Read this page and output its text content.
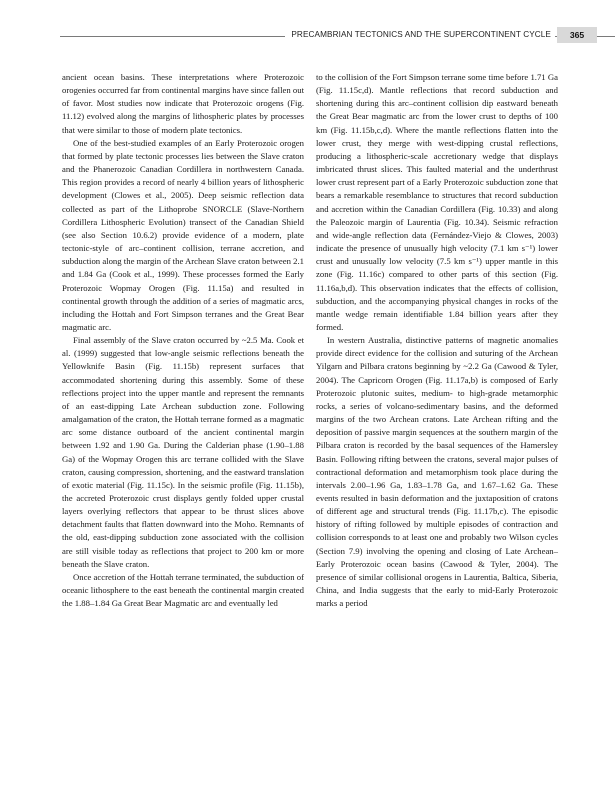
PRECAMBRIAN TECTONICS AND THE SUPERCONTINENT CYCLE	365

ancient ocean basins. These interpretations where Proterozoic orogenies occurred far from continental margins have since fallen out of favor. Most studies now indicate that Proterozoic orogens (Fig. 11.12) evolved along the margins of lithospheric plates by processes that were similar to those of modern plate tectonics.

One of the best-studied examples of an Early Proterozoic orogen that formed by plate tectonic processes lies between the Slave craton and the Phanerozoic Canadian Cordillera in northwestern Canada. This region provides a record of nearly 4 billion years of lithospheric development (Clowes et al., 2005). Deep seismic reflection data collected as part of the Lithoprobe SNORCLE (Slave-Northern Cordillera Lithospheric Evolution) transect of the Canadian Shield (see also Section 10.6.2) provide evidence of a modern, plate tectonic-style of arc–continent collision, terrane accretion, and subduction along the margin of the Archean Slave craton between 2.1 and 1.84 Ga (Cook et al., 1999). These processes formed the Early Proterozoic Wopmay Orogen (Fig. 11.15a) and resulted in continental growth through the addition of a series of magmatic arcs, including the Hottah and Fort Simpson terranes and the Great Bear magmatic arc.

Final assembly of the Slave craton occurred by ~2.5 Ma. Cook et al. (1999) suggested that low-angle seismic reflections beneath the Yellowknife Basin (Fig. 11.15b) represent surfaces that accommodated shortening during this assembly. Some of these reflections project into the upper mantle and represent the remnants of an east-dipping Late Archean subduction zone. Following amalgamation of the craton, the Hottah terrane formed as a magmatic arc some distance outboard of the ancient continental margin between 1.92 and 1.90 Ga. During the Calderian phase (1.90–1.88 Ga) of the Wopmay Orogen this arc terrane collided with the Slave craton, causing compression, shortening, and the eastward translation of exotic material (Fig. 11.15c). In the seismic profile (Fig. 11.15b), the accreted Proterozoic crust displays gently folded upper crustal layers overlying reflectors that appear to be thrust slices above detachment faults that flatten downward into the Moho. Remnants of the old, east-dipping subduction zone associated with the collision are still visible today as reflections that project to 200 km or more beneath the Slave craton.

Once accretion of the Hottah terrane terminated, the subduction of oceanic lithosphere to the east beneath the continental margin created the 1.88–1.84 Ga Great Bear Magmatic arc and eventually led

to the collision of the Fort Simpson terrane some time before 1.71 Ga (Fig. 11.15c,d). Mantle reflections that record subduction and shortening during this arc–continent collision dip eastward beneath the Great Bear magmatic arc from the lower crust to depths of 100 km (Fig. 11.15b,c,d). Where the mantle reflections flatten into the lower crust, they merge with west-dipping crustal reflections, producing a lithospheric-scale accretionary wedge that displays imbricated thrust slices. This faulted material and the underthrust lower crust represent part of a Early Proterozoic subduction zone that bears a remarkable resemblance to structures that record subduction and accretion within the Canadian Cordillera (Fig. 10.33) and along the Paleozoic margin of Laurentia (Fig. 10.34). Seismic refraction and wide-angle reflection data (Fernández-Viejo & Clowes, 2003) indicate the presence of unusually high velocity (7.1 km s⁻¹) lower crust and unusually low velocity (7.5 km s⁻¹) upper mantle in this zone (Fig. 11.16c) compared to other parts of this section (Fig. 11.16a,b,d). This observation indicates that the effects of collision, subduction, and the accompanying physical changes in rocks of the mantle wedge remain identifiable 1.84 billion years after they formed.

In western Australia, distinctive patterns of magnetic anomalies provide direct evidence for the collision and suturing of the Archean Yilgarn and Pilbara cratons beginning by ~2.2 Ga (Cawood & Tyler, 2004). The Capricorn Orogen (Fig. 11.17a,b) is composed of Early Proterozoic plutonic suites, medium- to high-grade metamorphic rocks, a series of volcano-sedimentary basins, and the deformed margins of the two Archean cratons. Late Archean rifting and the deposition of passive margin sequences at the southern margin of the Pilbara craton is recorded by the basal sequences of the Hamersley Basin. Following rifting between the cratons, several major pulses of contractional deformation and metamorphism took place during the intervals 2.00–1.96 Ga, 1.83–1.78 Ga, and 1.67–1.62 Ga. These events resulted in basin deformation and the juxtaposition of cratons of different age and structural trends (Fig. 11.17b,c). The episodic history of rifting followed by multiple episodes of contraction and collision corresponds to at least one and probably two Wilson cycles (Section 7.9) involving the opening and closing of Late Archean–Early Proterozoic ocean basins (Cawood & Tyler, 2004). The presence of similar collisional orogens in Laurentia, Baltica, Siberia, China, and India suggests that the early to mid-Early Proterozoic marks a period
